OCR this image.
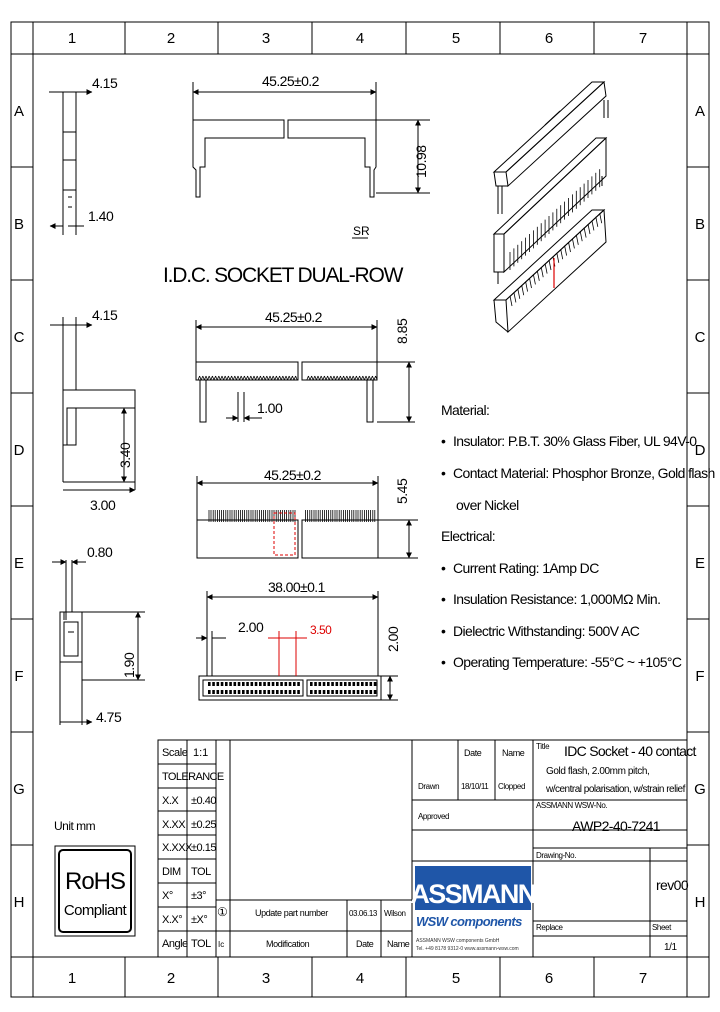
1	2	3	4	5	6	7
1	2	3	4	5	6	7
A
B
C
D
E
F
G
H
A
B
C
D
E
F
G
H
4.15
1.40
45.25±0.2
10.98
SR
I.D.C. SOCKET DUAL-ROW
4.15
3.40
3.00
45.25±0.2
8.85
1.00
45.25±0.2
5.45
0.80
1.90
4.75
38.00±0.1
2.00	3.50	2.00
Unit mm
RoHS
Compliant
Scale 1:1
TOLERANCE
X.X ±0.40
X.XX ±0.25
X.XXX ±0.15
DIM TOL
X° ±3°
X.X° ±X°
Angle TOL
①	Update part number	03.06.13 Wilson
Ic	Modification	Date Name
Date Name
Drawn	18/10/11 Clopped
Approved
Title IDC Socket - 40 contact
Gold flash, 2.00mm pitch,
w/central polarisation, w/strain relief
ASSMANN WSW-No.
AWP2-40-7241
Drawing-No.
rev00
Replace	Sheet
1/1
ASSMANN
WSW components
ASSMANN WSW components GmbH
Tel. +49 8178 9312-0 www.assmann-wsw.com
Material:
• Insulator: P.B.T. 30% Glass Fiber, UL 94V-0
• Contact Material: Phosphor Bronze, Gold flash
over Nickel
Electrical:
• Current Rating: 1Amp DC
• Insulation Resistance: 1,000MΩ Min.
• Dielectric Withstanding: 500V AC
• Operating Temperature: -55°C ~ +105°C
